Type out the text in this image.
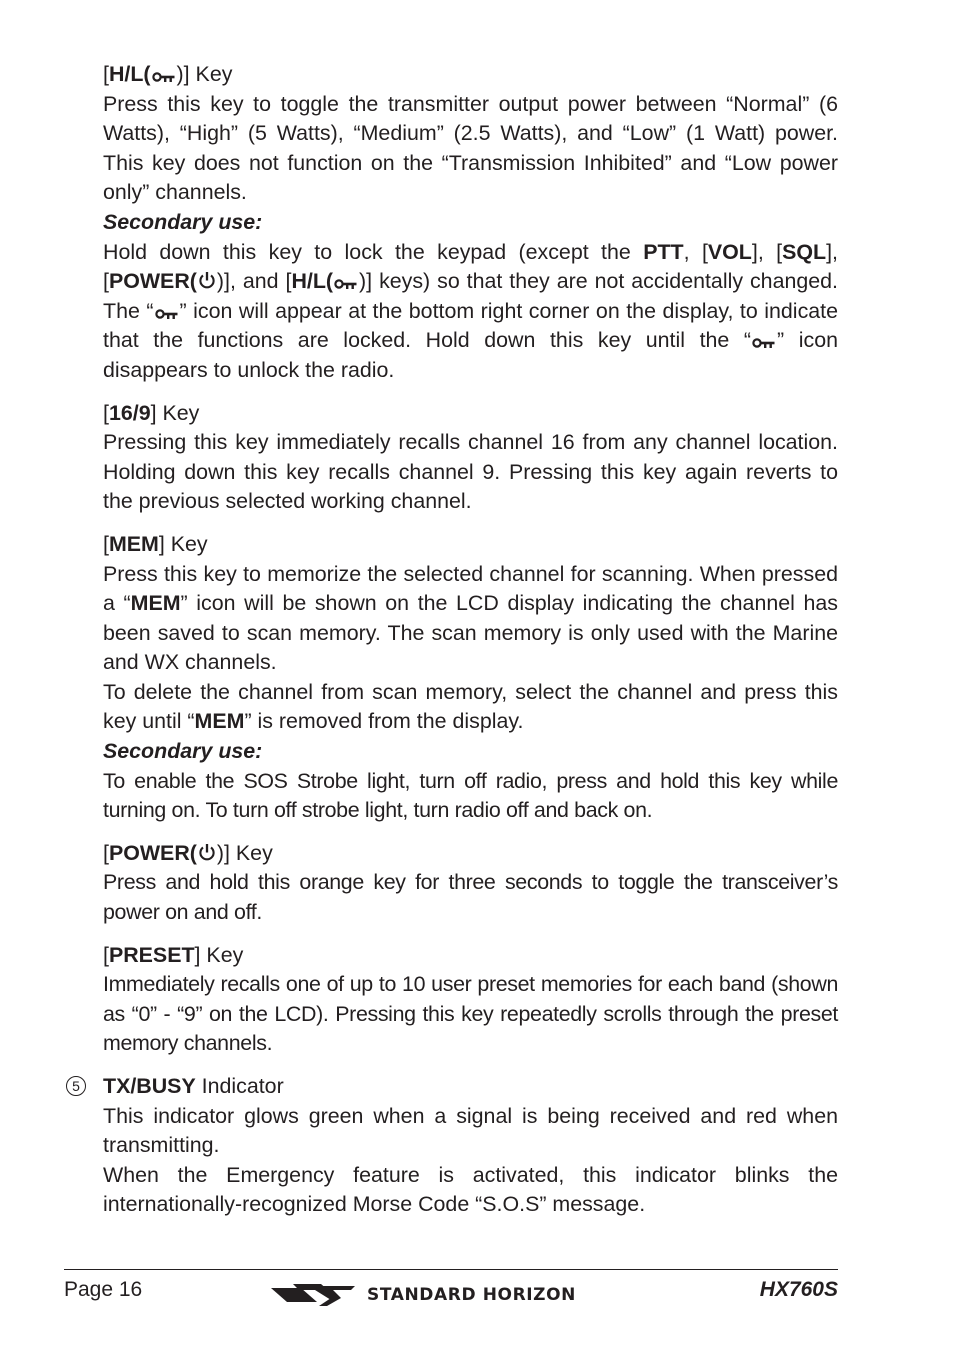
[H/L( )] Key

Press this key to toggle the transmitter output power between “Normal” (6 Watts), “High” (5 Watts), “Medium” (2.5 Watts), and “Low” (1 Watt) power. This key does not function on the “Transmission Inhibited” and “Low power only” channels.

Secondary use:

Hold down this key to lock the keypad (except the PTT, [VOL], [SQL], [POWER( )], and [H/L( )] keys) so that they are not accidentally changed. The “ ” icon will appear at the bottom right corner on the display, to indicate that the functions are locked. Hold down this key until the “ ” icon disappears to unlock the radio.

[16/9] Key

Pressing this key immediately recalls channel 16 from any channel location. Holding down this key recalls channel 9. Pressing this key again reverts to the previous selected working channel.

[MEM] Key

Press this key to memorize the selected channel for scanning. When pressed a “MEM” icon will be shown on the LCD display indicating the channel has been saved to scan memory. The scan memory is only used with the Marine and WX channels.

To delete the channel from scan memory, select the channel and press this key until “MEM” is removed from the display.

Secondary use:

To enable the SOS Strobe light, turn off radio, press and hold this key while turning on. To turn off strobe light, turn radio off and back on.

[POWER( )] Key

Press and hold this orange key for three seconds to toggle the transceiver’s power on and off.

[PRESET] Key

Immediately recalls one of up to 10 user preset memories for each band (shown as “0” - “9” on the LCD). Pressing this key repeatedly scrolls through the preset memory channels.

5 TX/BUSY Indicator

This indicator glows green when a signal is being received and red when transmitting.

When the Emergency feature is activated, this indicator blinks the internationally-recognized Morse Code “S.O.S” message.

Page 16	STANDARD HORIZON	HX760S
